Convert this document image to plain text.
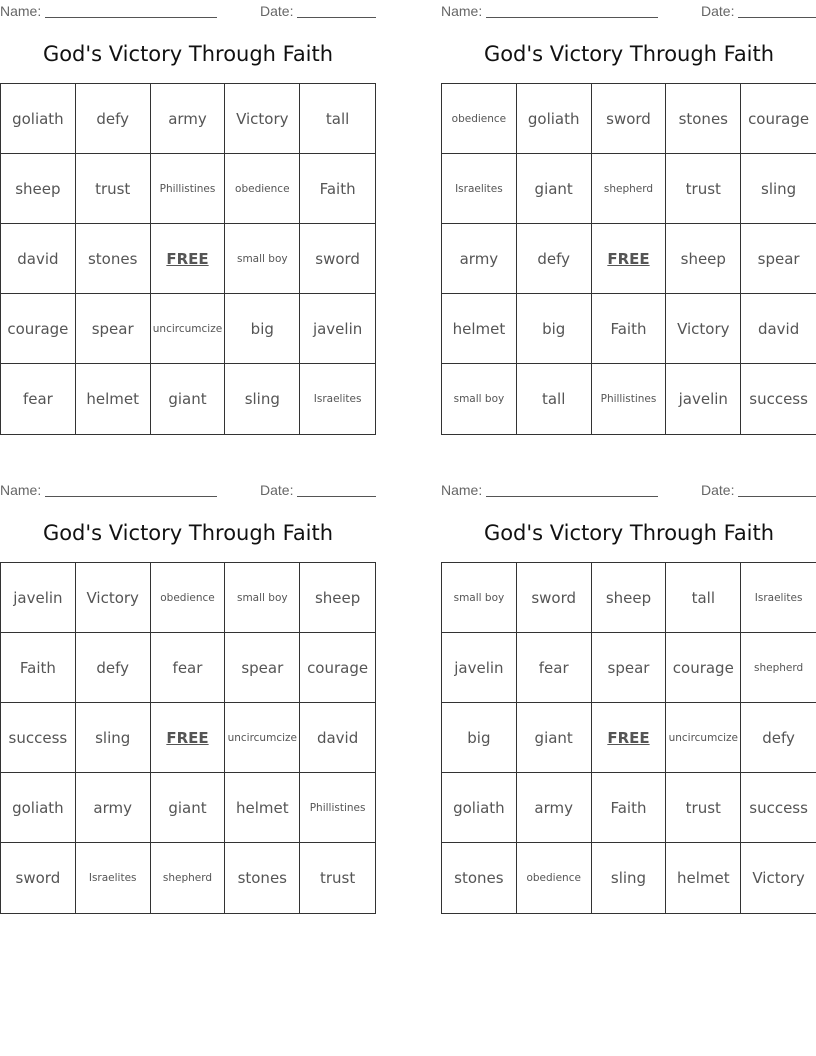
Name:	Date:
God's Victory Through Faith
goliath	defy	army	Victory	tall
sheep	trust	Phillistines	obedience	Faith
david	stones	FREE	small boy	sword
courage	spear	uncircumcize	big	javelin
fear	helmet	giant	sling	Israelites
Name:	Date:
God's Victory Through Faith
obedience	goliath	sword	stones	courage
Israelites	giant	shepherd	trust	sling
army	defy	FREE	sheep	spear
helmet	big	Faith	Victory	david
small boy	tall	Phillistines	javelin	success
Name:	Date:
God's Victory Through Faith
javelin	Victory	obedience	small boy	sheep
Faith	defy	fear	spear	courage
success	sling	FREE	uncircumcize	david
goliath	army	giant	helmet	Phillistines
sword	Israelites	shepherd	stones	trust
Name:	Date:
God's Victory Through Faith
small boy	sword	sheep	tall	Israelites
javelin	fear	spear	courage	shepherd
big	giant	FREE	uncircumcize	defy
goliath	army	Faith	trust	success
stones	obedience	sling	helmet	Victory
